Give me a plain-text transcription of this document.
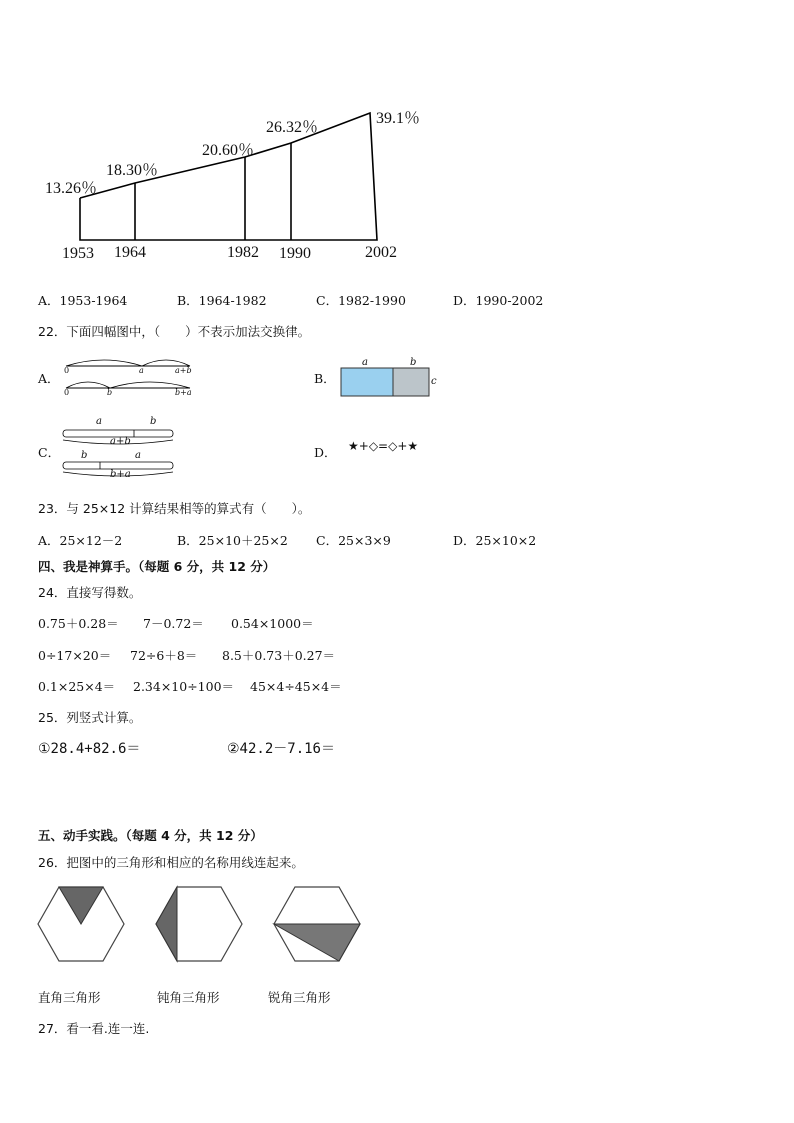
13.26％
18.30％
20.60％
26.32％
39.1％
1953 1964	1982 1990	2002
A．1953-1964	B．1964-1982	C．1982-1990	D．1990-2002
22．下面四幅图中，（　　）不表示加法交换律。
A．
0	a	a+b
0	b	b+a
B．
a	b
c
C．
a	b
a+b
b	a
b+a
D． ★+◇=◇+★
23．与 25×12 计算结果相等的算式有（　　）。
A．25×12－2	B．25×10＋25×2 C．25×3×9	D．25×10×2
四、我是神算手。（每题 6 分，共 12 分）
24．直接写得数。
0.75＋0.28＝ 7－0.72＝ 0.54×1000＝
0÷17×20＝ 72÷6＋8＝ 8.5＋0.73＋0.27＝
0.1×25×4＝ 2.34×10÷100＝ 45×4÷45×4＝
25．列竖式计算。
①28.4+82.6＝	②42.2－7.16＝
五、动手实践。（每题 4 分，共 12 分）
26．把图中的三角形和相应的名称用线连起来。
直角三角形	钝角三角形	锐角三角形
27．看一看.连一连.
